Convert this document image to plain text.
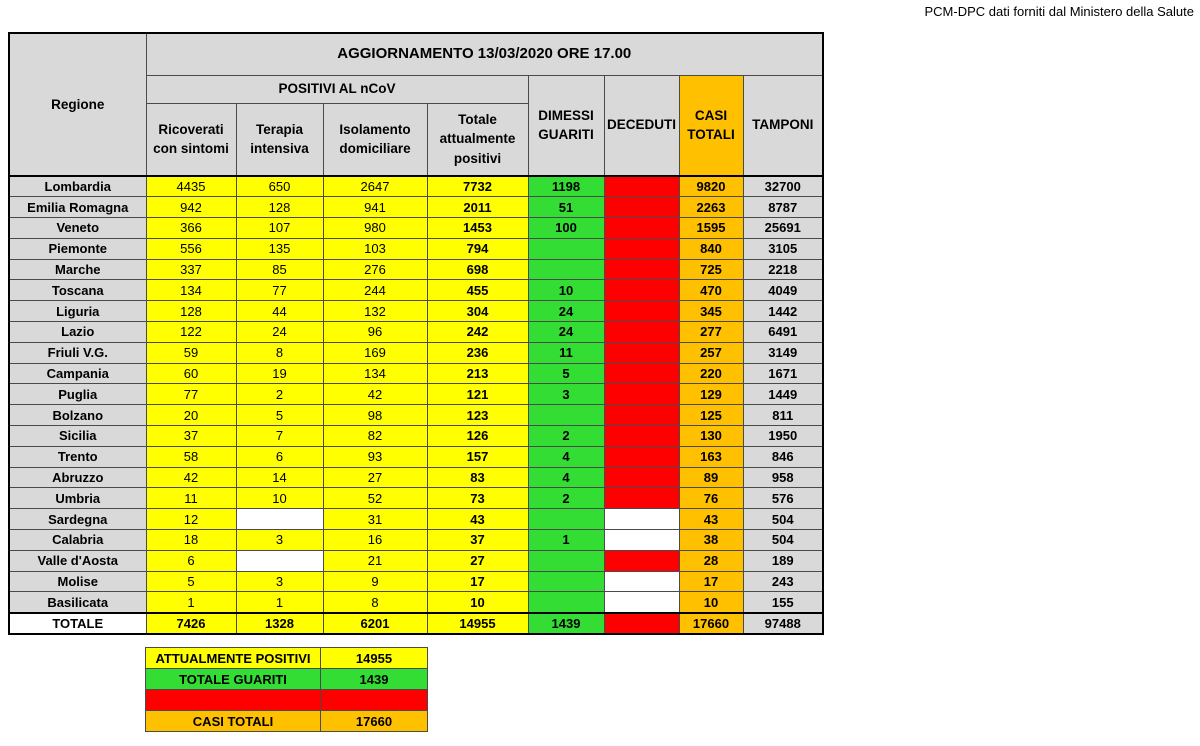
PCM-DPC dati forniti dal Ministero della Salute
Regione	AGGIORNAMENTO 13/03/2020 ORE 17.00							
	POSITIVI AL nCoV				DIMESSI GUARITI	DECEDUTI	CASI TOTALI	TAMPONI
	Ricoverati con sintomi	Terapia intensiva	Isolamento domiciliare	Totale attualmente positivi				
Lombardia	4435	650	2647	7732	1198	890	9820	32700
Emilia Romagna	942	128	941	2011	51	201	2263	8787
Veneto	366	107	980	1453	100	42	1595	25691
Piemonte	556	135	103	794		46	840	3105
Marche	337	85	276	698		27	725	2218
Toscana	134	77	244	455	10	5	470	4049
Liguria	128	44	132	304	24	17	345	1442
Lazio	122	24	96	242	24	11	277	6491
Friuli V.G.	59	8	169	236	11	10	257	3149
Campania	60	19	134	213	5	2	220	1671
Puglia	77	2	42	121	3	5	129	1449
Bolzano	20	5	98	123		2	125	811
Sicilia	37	7	82	126	2	2	130	1950
Trento	58	6	93	157	4	2	163	846
Abruzzo	42	14	27	83	4	2	89	958
Umbria	11	10	52	73	2	1	76	576
Sardegna	12		31	43			43	504
Calabria	18	3	16	37	1		38	504
Valle d'Aosta	6		21	27		1	28	189
Molise	5	3	9	17			17	243
Basilicata	1	1	8	10			10	155
TOTALE	7426	1328	6201	14955	1439	1266	17660	97488
ATTUALMENTE POSITIVI	14955
TOTALE GUARITI	1439
TOTALE DECEDUTI	1266
CASI TOTALI	17660
